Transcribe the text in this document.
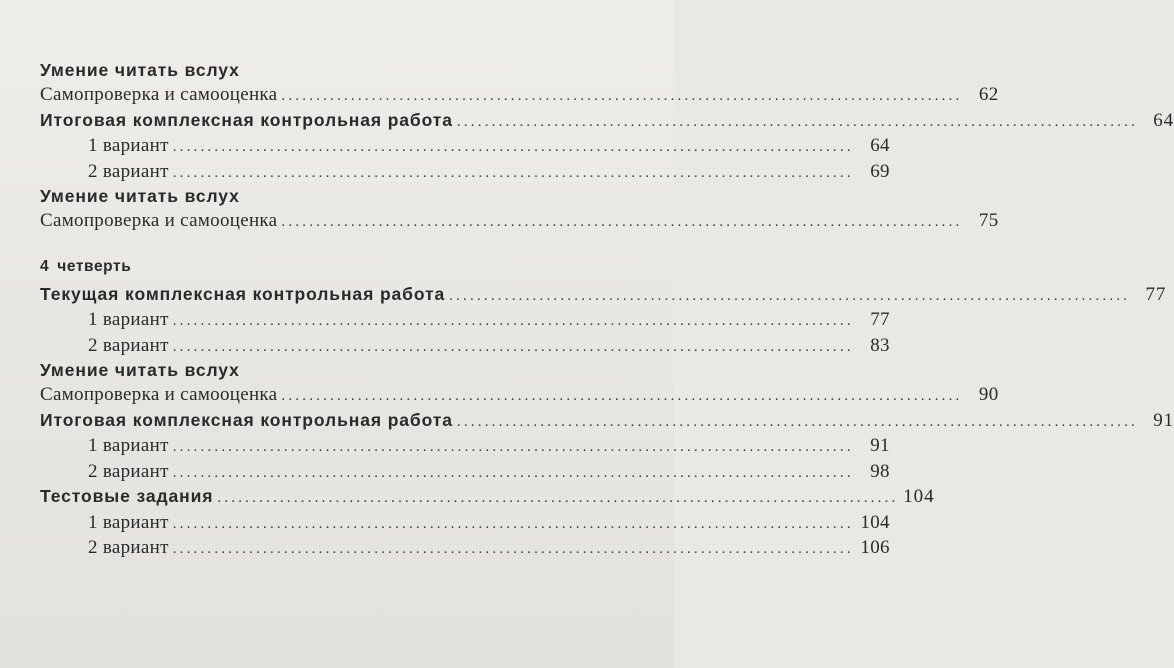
Умение читать вслух
Самопроверка и самооценка .................................................................................................. 62
Итоговая комплексная контрольная работа .................................................................................................. 64
1 вариант .................................................................................................. 64
2 вариант .................................................................................................. 69
Умение читать вслух
Самопроверка и самооценка .................................................................................................. 75
4 четверть
Текущая комплексная контрольная работа .................................................................................................. 77
1 вариант .................................................................................................. 77
2 вариант .................................................................................................. 83
Умение читать вслух
Самопроверка и самооценка .................................................................................................. 90
Итоговая комплексная контрольная работа .................................................................................................. 91
1 вариант .................................................................................................. 91
2 вариант .................................................................................................. 98
Тестовые задания .................................................................................................. 104
1 вариант .................................................................................................. 104
2 вариант .................................................................................................. 106
